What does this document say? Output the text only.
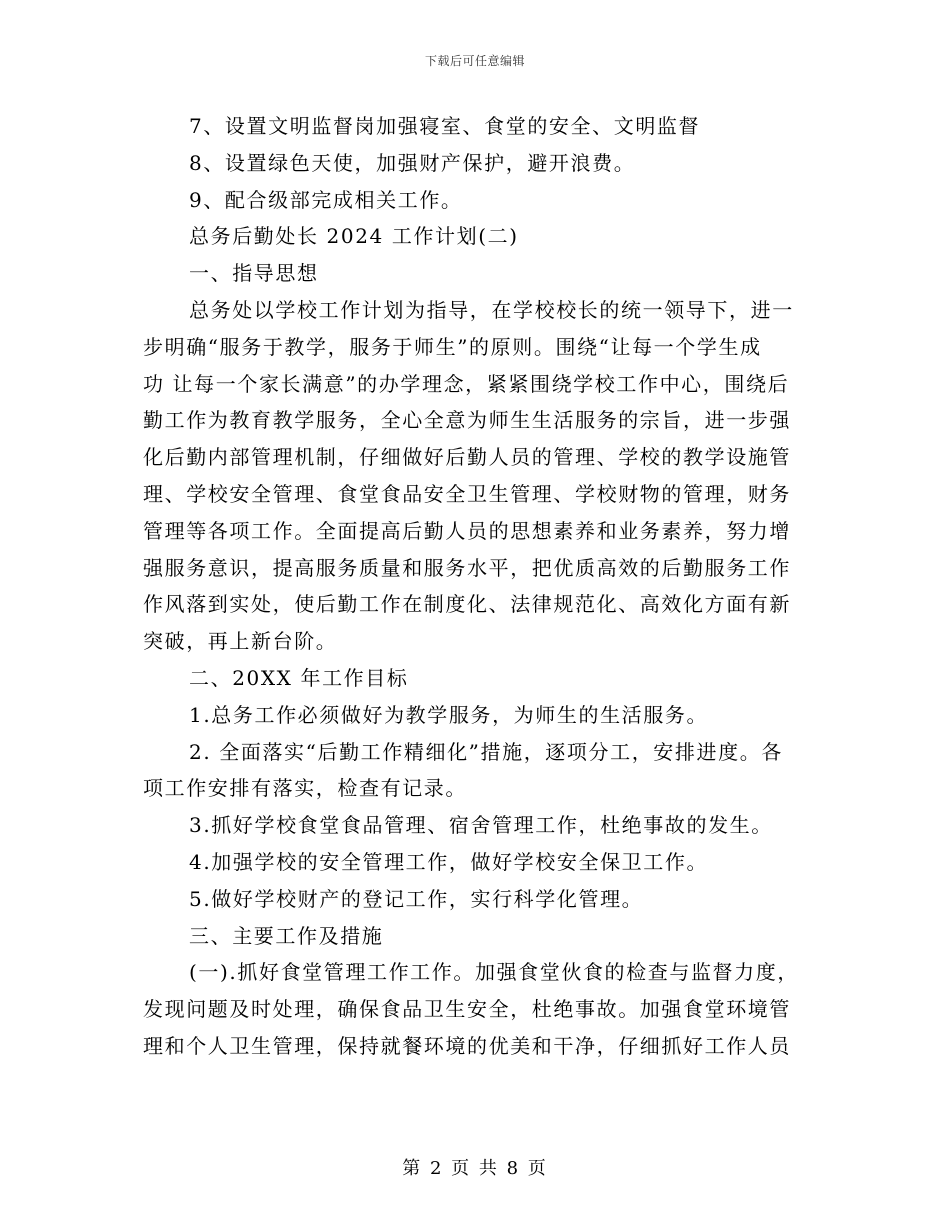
下载后可任意编辑
7、设置文明监督岗加强寝室、食堂的安全、文明监督
8、设置绿色天使，加强财产保护，避开浪费。
9、配合级部完成相关工作。
总务后勤处长 2024 工作计划(二)
一、指导思想
总务处以学校工作计划为指导，在学校校长的统一领导下，进一
步明确“服务于教学，服务于师生”的原则。围绕“让每一个学生成
功 让每一个家长满意”的办学理念，紧紧围绕学校工作中心，围绕后
勤工作为教育教学服务，全心全意为师生生活服务的宗旨，进一步强
化后勤内部管理机制，仔细做好后勤人员的管理、学校的教学设施管
理、学校安全管理、食堂食品安全卫生管理、学校财物的管理，财务
管理等各项工作。全面提高后勤人员的思想素养和业务素养，努力增
强服务意识，提高服务质量和服务水平，把优质高效的后勤服务工作
作风落到实处，使后勤工作在制度化、法律规范化、高效化方面有新
突破，再上新台阶。
二、20XX 年工作目标
1.总务工作必须做好为教学服务，为师生的生活服务。
2. 全面落实“后勤工作精细化”措施，逐项分工，安排进度。各
项工作安排有落实，检查有记录。
3.抓好学校食堂食品管理、宿舍管理工作，杜绝事故的发生。
4.加强学校的安全管理工作，做好学校安全保卫工作。
5.做好学校财产的登记工作，实行科学化管理。
三、主要工作及措施
(一).抓好食堂管理工作工作。加强食堂伙食的检查与监督力度，
发现问题及时处理，确保食品卫生安全，杜绝事故。加强食堂环境管
理和个人卫生管理，保持就餐环境的优美和干净，仔细抓好工作人员
第 2 页 共 8 页
